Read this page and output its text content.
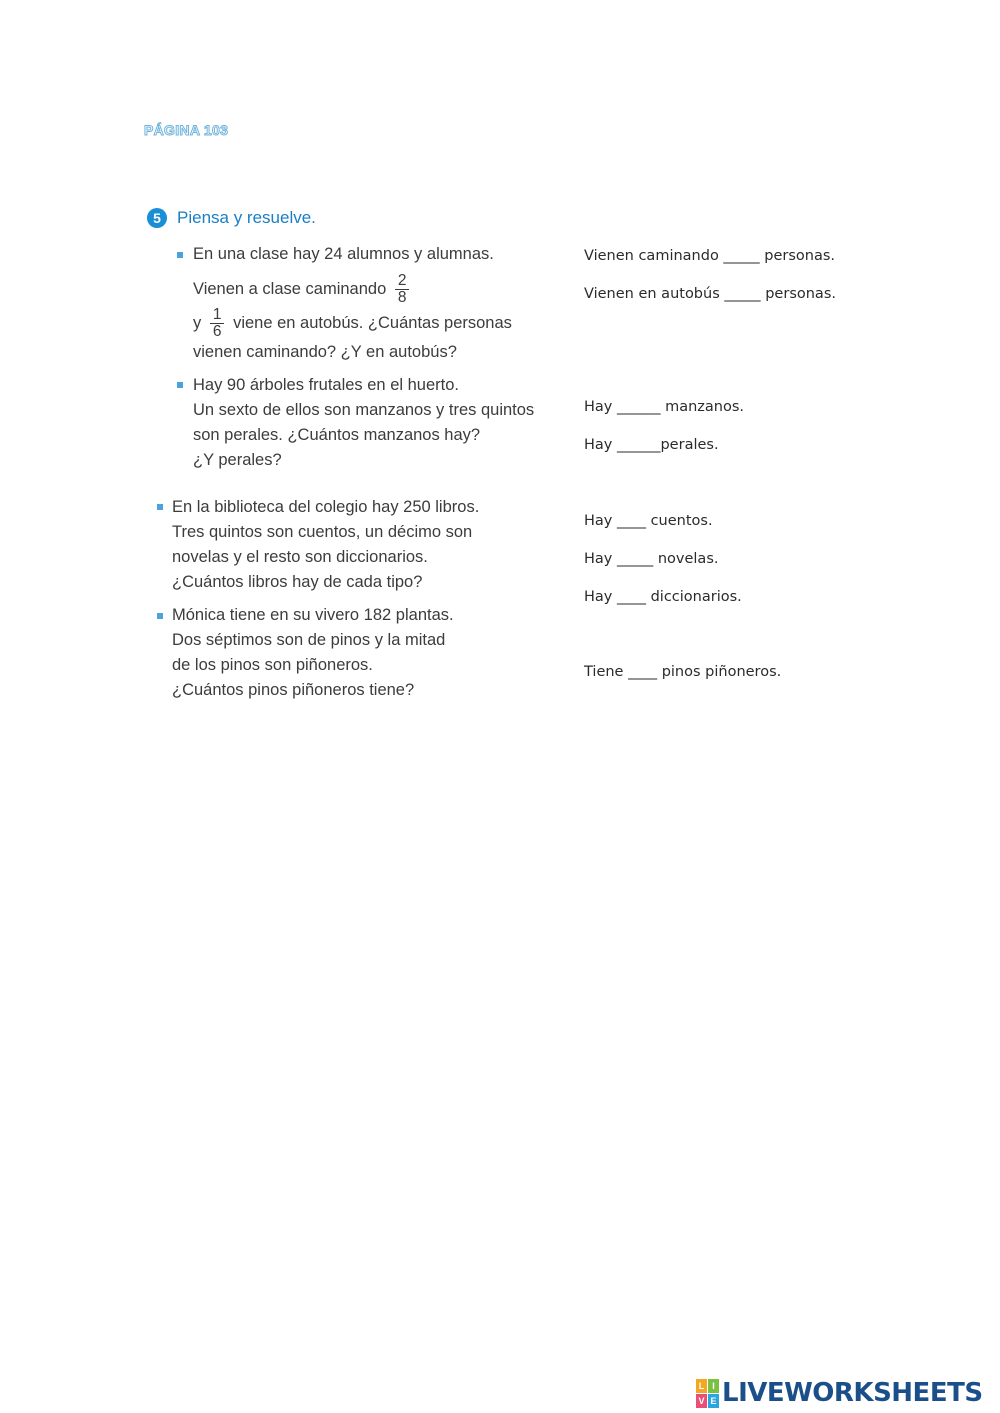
PÁGINA 103
5 Piensa y resuelve.
En una clase hay 24 alumnos y alumnas.
Vienen a clase caminando $\frac{2}{8}$
y $\frac{1}{6}$ viene en autobús. ¿Cuántas personas
vienen caminando? ¿Y en autobús?
Hay 90 árboles frutales en el huerto.
Un sexto de ellos son manzanos y tres quintos
son perales. ¿Cuántos manzanos hay?
¿Y perales?
En la biblioteca del colegio hay 250 libros.
Tres quintos son cuentos, un décimo son
novelas y el resto son diccionarios.
¿Cuántos libros hay de cada tipo?
Mónica tiene en su vivero 182 plantas.
Dos séptimos son de pinos y la mitad
de los pinos son piñoneros.
¿Cuántos pinos piñoneros tiene?
Vienen caminando _____ personas.
Vienen en autobús _____ personas.
Hay ______ manzanos.
Hay ______perales.
Hay ____ cuentos.
Hay _____ novelas.
Hay ____ diccionarios.
Tiene ____ pinos piñoneros.
L I
V E LIVEWORKSHEETS
